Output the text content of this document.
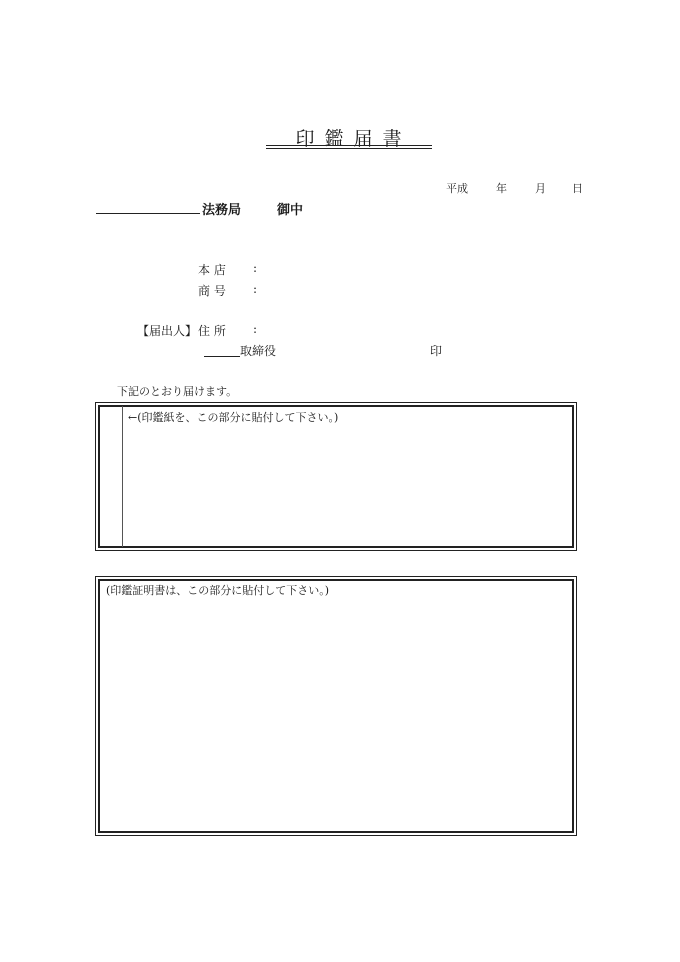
印 鑑 届 書
平成	年	月 日
法務局	御中
本 店 :
商 号 :
【届出人】 住 所 :
取締役	印
下記のとおり届けます。
←(印鑑紙を、この部分に貼付して下さい。)
(印鑑証明書は、この部分に貼付して下さい。)
